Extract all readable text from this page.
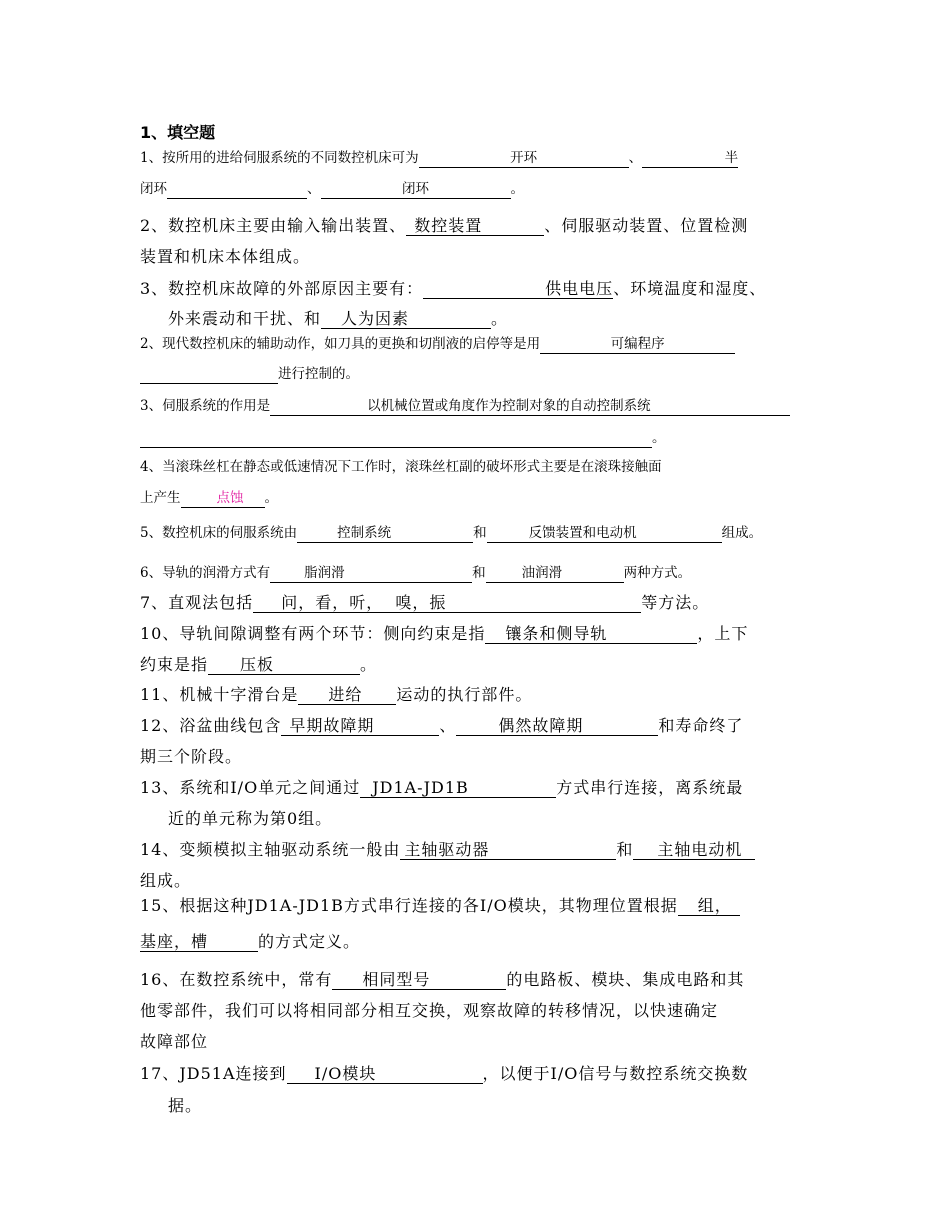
1、填空题
1、按所用的进给伺服系统的不同数控机床可为	开环	、	半
闭环	、	闭环	。
2、数控机床主要由输入输出装置、 数控装置	、伺服驱动装置、位置检测
装置和机床本体组成。
3、数控机床故障的外部原因主要有：	供电电压、环境温度和湿度、
外来震动和干扰、和 人为因素	。
2、现代数控机床的辅助动作，如刀具的更换和切削液的启停等是用	可编程序
进行控制的。
3、伺服系统的作用是	以机械位置或角度作为控制对象的自动控制系统
。
4、当滚珠丝杠在静态或低速情况下工作时，滚珠丝杠副的破坏形式主要是在滚珠接触面
上产生	点蚀 。
5、数控机床的伺服系统由	控制系统	和	反馈装置和电动机	组成。
6、导轨的润滑方式有	脂润滑	和	油润滑	两种方式。
7、直观法包括 问，看，听，  嗅，振	等方法。
10、导轨间隙调整有两个环节：侧向约束是指 镶条和侧导轨	，上下
约束是指 压板	。
11、机械十字滑台是 进给 运动的执行部件。
12、浴盆曲线包含 早期故障期	、	偶然故障期	和寿命终了
期三个阶段。
13、系统和I/O单元之间通过 JD1A-JD1B	方式串行连接，离系统最
近的单元称为第0组。
14、变频模拟主轴驱动系统一般由 主轴驱动器	和 主轴电动机
组成。
15、根据这种JD1A-JD1B方式串行连接的各I/O模块，其物理位置根据 组，
基座，槽	的方式定义。
16、在数控系统中，常有 相同型号	的电路板、模块、集成电路和其
他零部件，我们可以将相同部分相互交换，观察故障的转移情况，以快速确定
故障部位
17、JD51A连接到 I/O模块	，以便于I/O信号与数控系统交换数
据。
